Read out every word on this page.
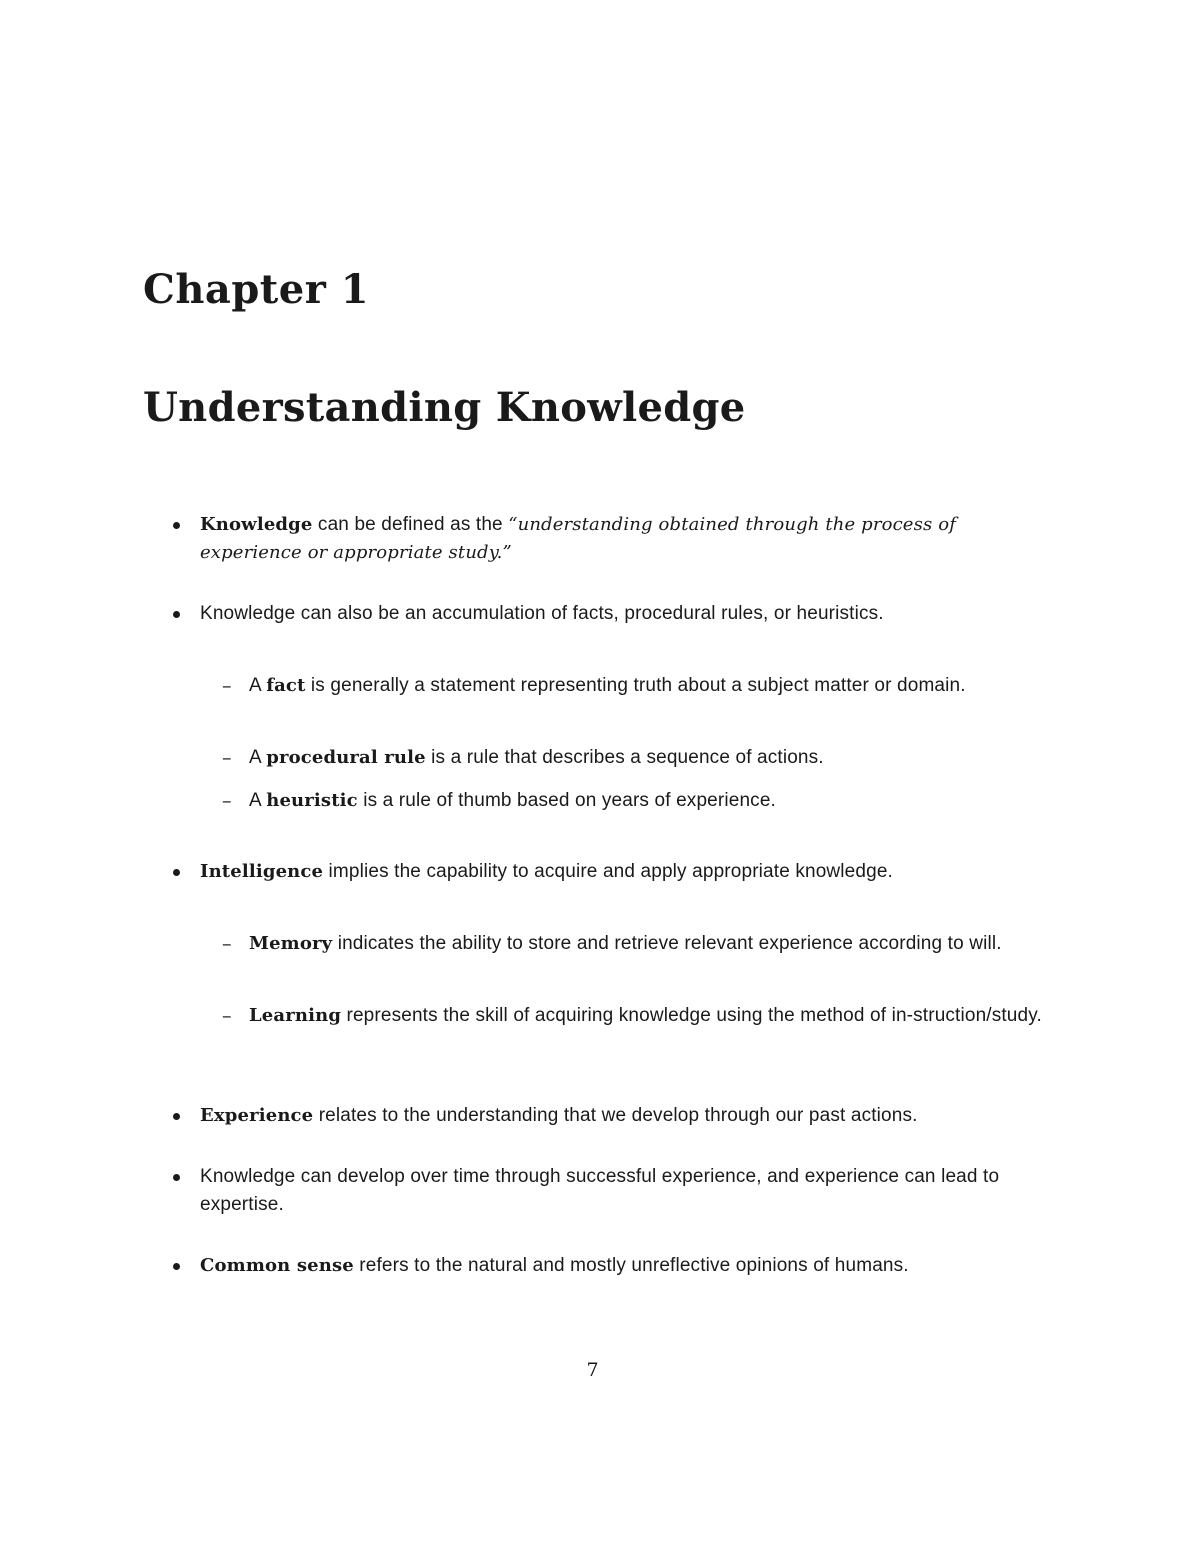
Chapter 1
Understanding Knowledge
Knowledge can be defined as the “understanding obtained through the process of experience or appropriate study.”
Knowledge can also be an accumulation of facts, procedural rules, or heuristics.
– A fact is generally a statement representing truth about a subject matter or domain.
– A procedural rule is a rule that describes a sequence of actions.
– A heuristic is a rule of thumb based on years of experience.
Intelligence implies the capability to acquire and apply appropriate knowledge.
– Memory indicates the ability to store and retrieve relevant experience according to will.
– Learning represents the skill of acquiring knowledge using the method of in-struction/study.
Experience relates to the understanding that we develop through our past actions.
Knowledge can develop over time through successful experience, and experience can lead to expertise.
Common sense refers to the natural and mostly unreflective opinions of humans.
7
